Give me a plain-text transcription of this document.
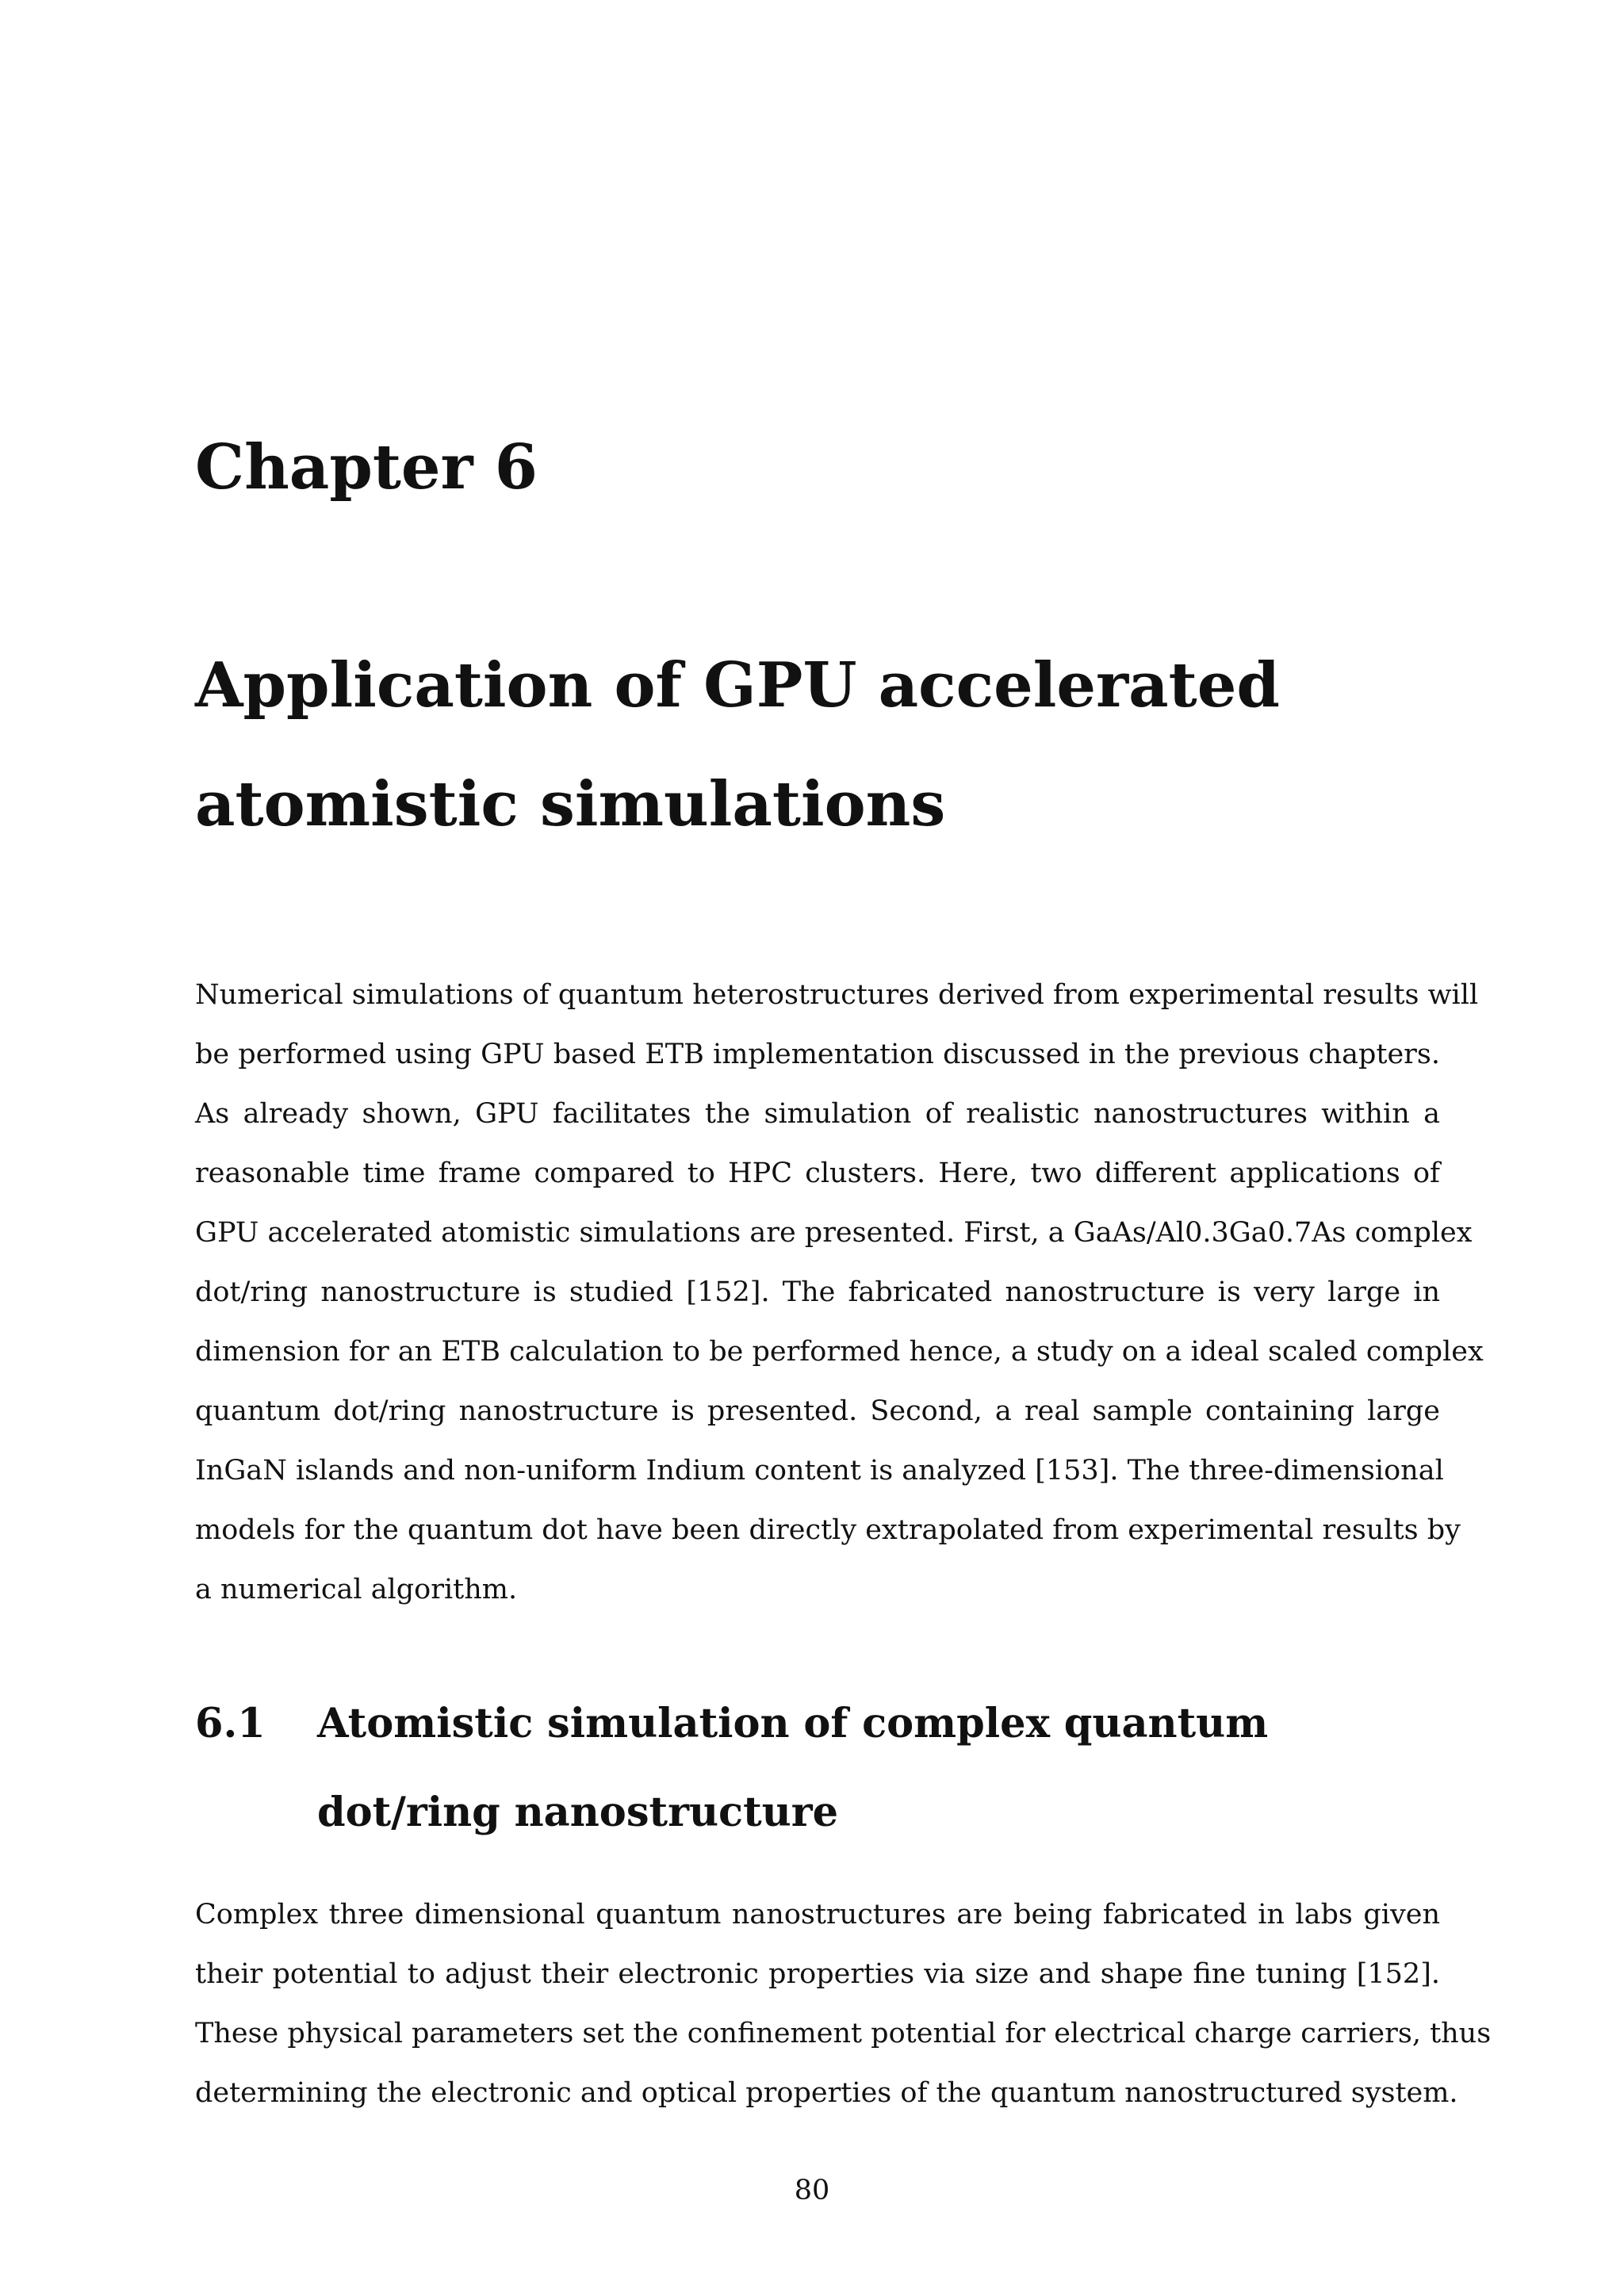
Chapter 6
Application of GPU accelerated
atomistic simulations
Numerical simulations of quantum heterostructures derived from experimental results will
be performed using GPU based ETB implementation discussed in the previous chapters.
As already shown, GPU facilitates the simulation of realistic nanostructures within a
reasonable time frame compared to HPC clusters. Here, two different applications of
GPU accelerated atomistic simulations are presented. First, a GaAs/Al0.3Ga0.7As complex
dot/ring nanostructure is studied [152]. The fabricated nanostructure is very large in
dimension for an ETB calculation to be performed hence, a study on a ideal scaled complex
quantum dot/ring nanostructure is presented. Second, a real sample containing large
InGaN islands and non-uniform Indium content is analyzed [153]. The three-dimensional
models for the quantum dot have been directly extrapolated from experimental results by
a numerical algorithm.
6.1 Atomistic simulation of complex quantum
dot/ring nanostructure
Complex three dimensional quantum nanostructures are being fabricated in labs given
their potential to adjust their electronic properties via size and shape fine tuning [152].
These physical parameters set the confinement potential for electrical charge carriers, thus
determining the electronic and optical properties of the quantum nanostructured system.
80
